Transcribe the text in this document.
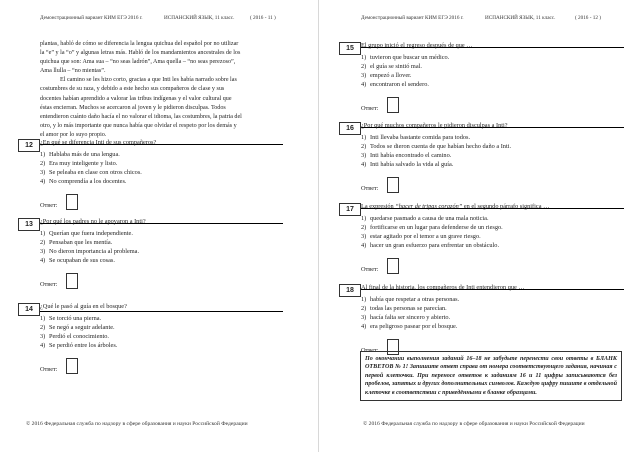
Демонстрационный вариант КИМ ЕГЭ 2016 г.	ИСПАНСКИЙ ЯЗЫК, 11 класс.	( 2016 - 11 )

plantas, habló de cómo se diferencia la lengua quichua del español por no utilizar

la “e” y la “o” y algunas letras más. Habló de los mandamientos ancestrales de los

quichua que son: Ama sua – “no seas ladrón”, Ama quella – “no seas perezoso”,

Ama llulla – “no mientas”.

El camino se les hizo corto, gracias a que Inti les había narrado sobre las

costumbres de su raza, y debido a este hecho sus compañeros de clase y sus

docentes habían aprendido a valorar las tribus indígenas y el valor cultural que

éstas encierran. Muchos se acercaron al joven y le pidieron disculpas. Todos

entendieron cuánto daño hacía el no valorar el idioma, las costumbres, la patria del

otro, y lo más importante que nunca había que olvidar el respeto por los demás y

el amor por lo suyo propio.

12	¿En qué se diferencia Inti de sus compañeros?
1) Hablaba más de una lengua.
2) Era muy inteligente y listo.
3) Se peleaba en clase con otros chicos.
4) No comprendía a los docentes.
Ответ:
13	¿Por qué los padres no le apoyaron a Inti?
1) Querían que fuera independiente.
2) Pensaban que les mentía.
3) No dieron importancia al problema.
4) Se ocupaban de sus cosas.
Ответ:
14	¿Qué le pasó al guía en el bosque?
1) Se torció una pierna.
2) Se negó a seguir adelante.
3) Perdió el conocimiento.
4) Se perdió entre los árboles.
Ответ:
© 2016 Федеральная служба по надзору в сфере образования и науки Российской Федерации
Демонстрационный вариант КИМ ЕГЭ 2016 г.	ИСПАНСКИЙ ЯЗЫК, 11 класс.	( 2016 - 12 )
15	El grupo inició el regreso después de que …
1) tuvieron que buscar un médico.
2) el guía se sintió mal.
3) empezó a llover.
4) encontraron el sendero.
Ответ:
16	¿Por qué muchos compañeros le pidieron disculpas a Inti?
1) Inti llevaba bastante comida para todos.
2) Todos se dieron cuenta de que habían hecho daño a Inti.
3) Inti había encontrado el camino.
4) Inti había salvado la vida al guía.
Ответ:
17	La expresión “hacer de tripas corazón” en el segundo párrafo significa …
1) quedarse pasmado a causa de una mala noticia.
2) fortificarse en un lugar para defenderse de un riesgo.
3) estar agitado por el temor a un grave riesgo.
4) hacer un gran esfuerzo para enfrentar un obstáculo.
Ответ:
18	Al final de la historia, los compañeros de Inti entendieron que …
1) había que respetar a otras personas.
2) todas las personas se parecían.
3) hacía falta ser sincero y abierto.
4) era peligroso pasear por el bosque.
Ответ:
© 2016 Федеральная служба по надзору в сфере образования и науки Российской Федерации
По окончании выполнения заданий 16–18 не забудьте перенести свои ответы в БЛАНК ОТВЕТОВ № 1! Запишите ответ справа от номера соответствующего задания, начиная с первой клеточки. При переносе ответов к заданиям 16 и 11 цифры записываются без пробелов, запятых и других дополнительных символов. Каждую цифру пишите в отдельной клеточке в соответствии с приведёнными в бланке образцами.
